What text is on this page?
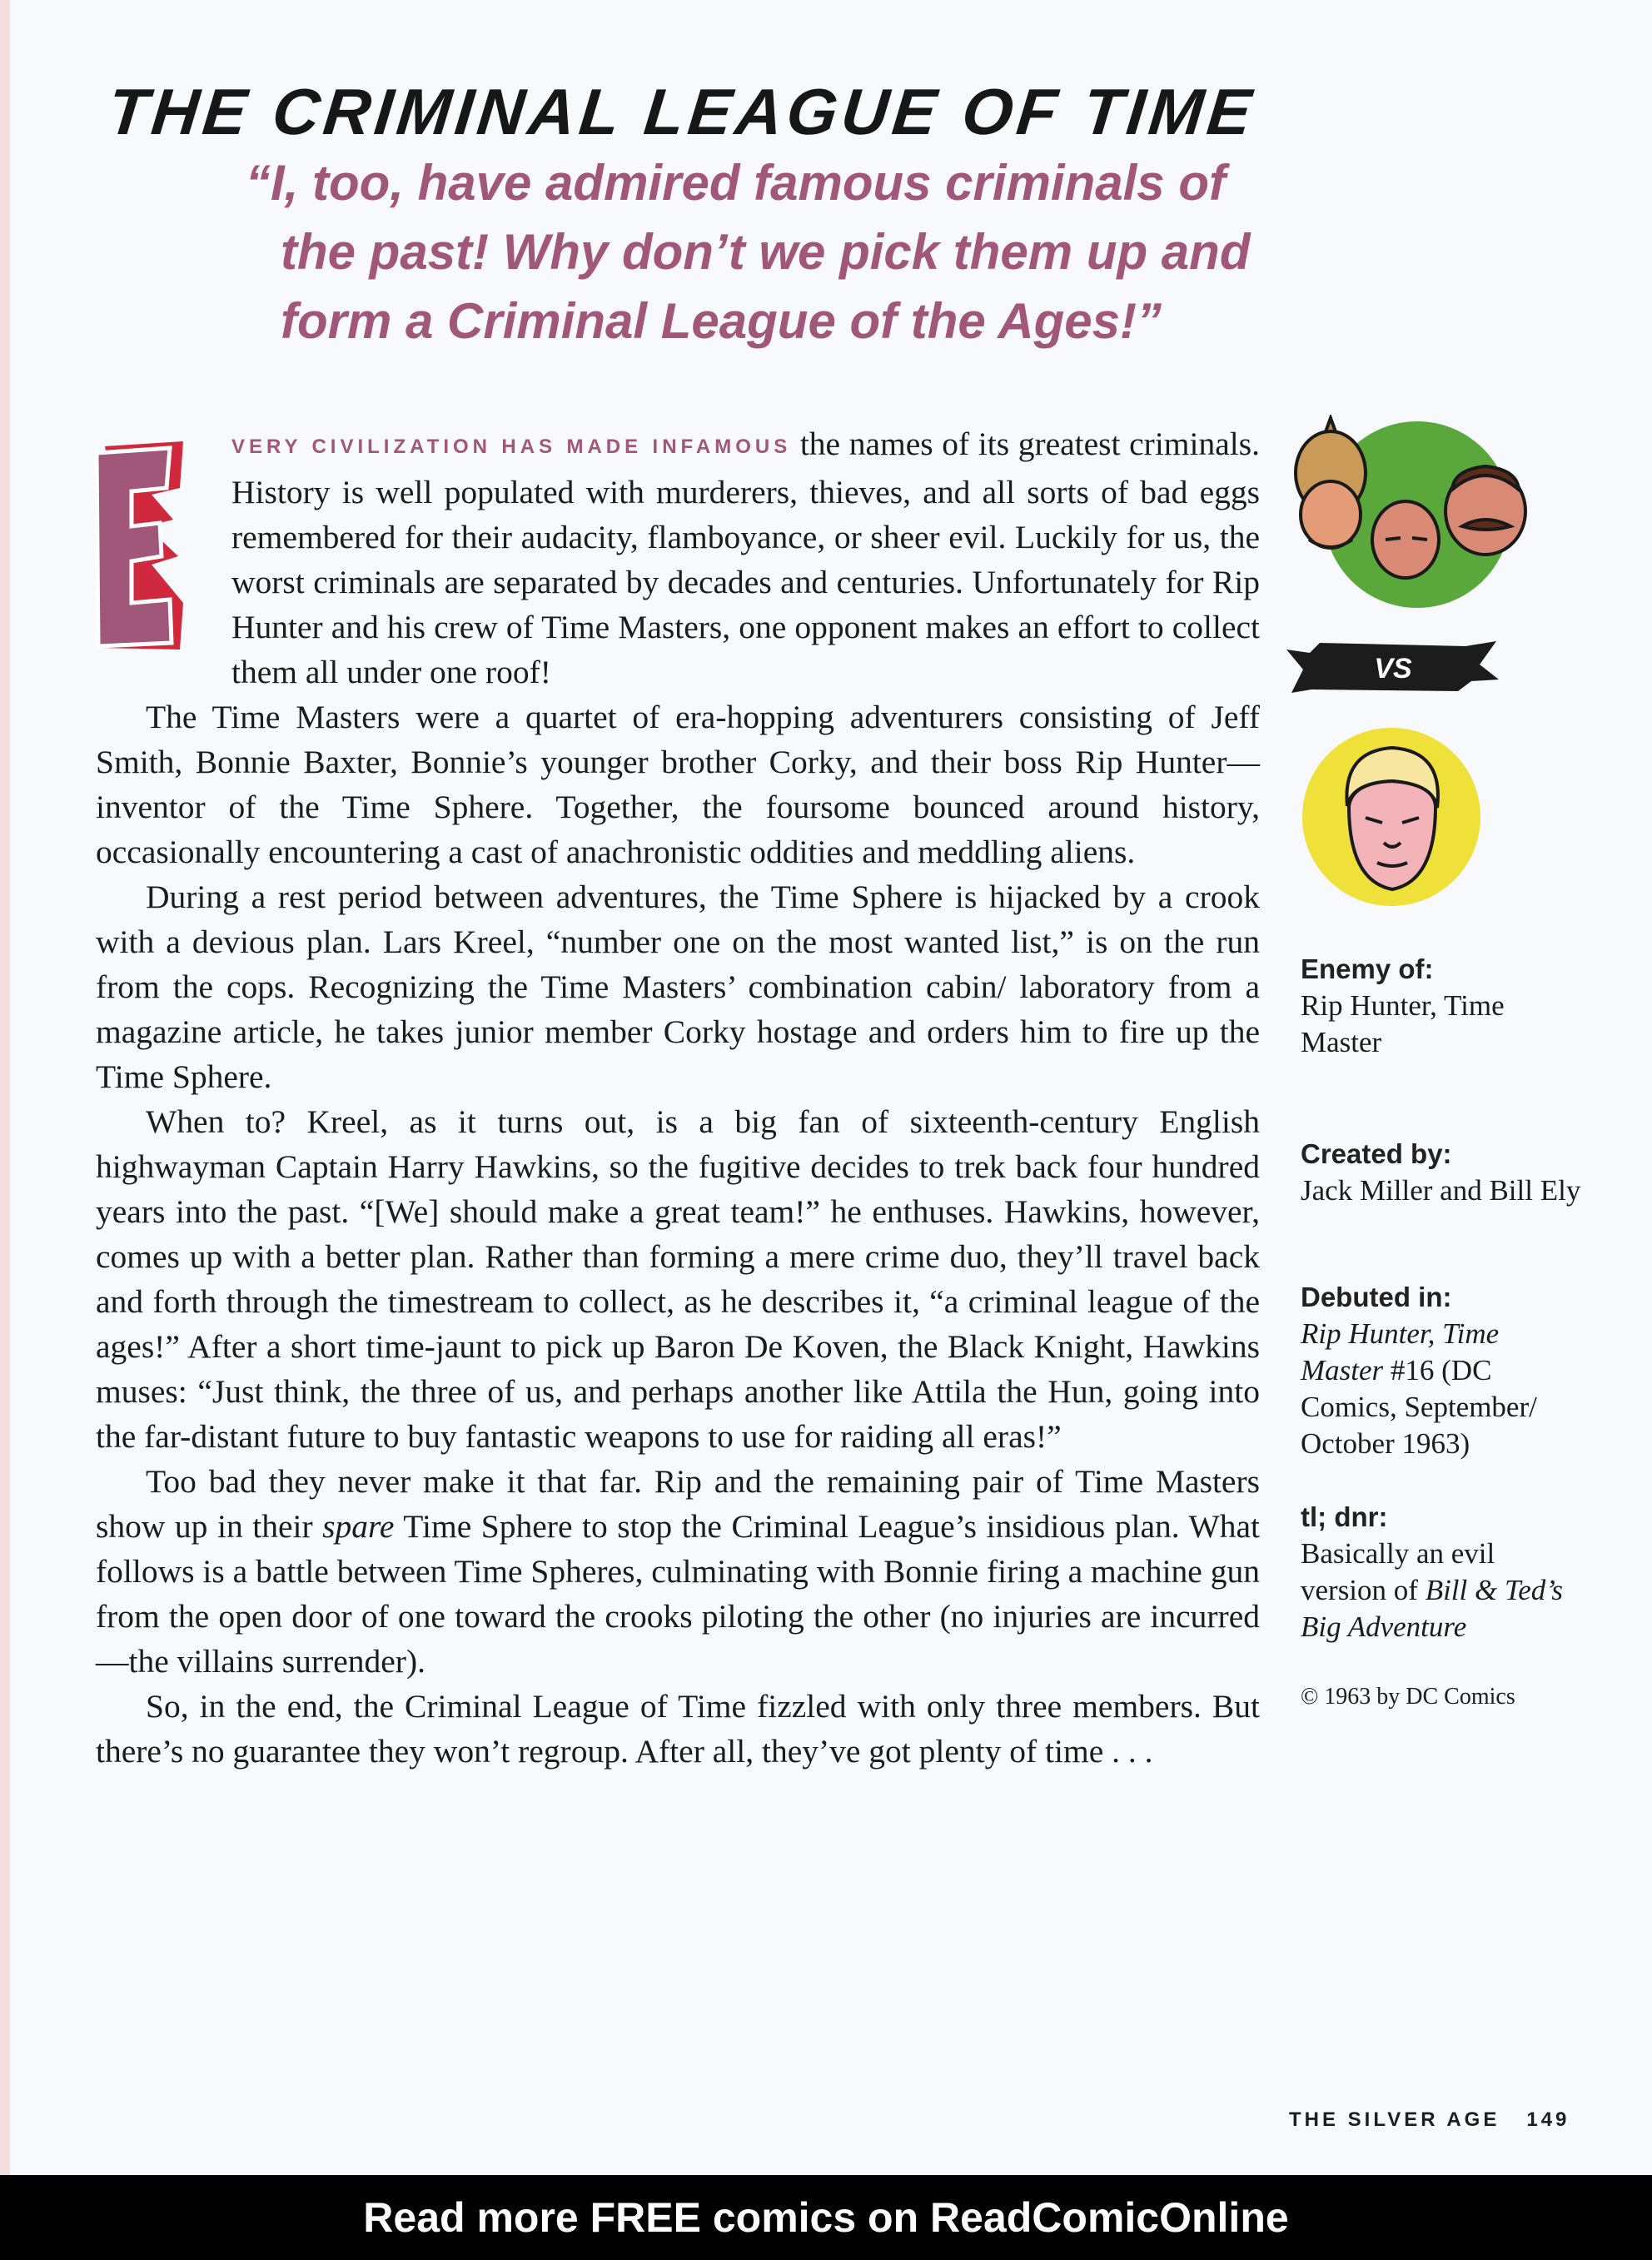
THE CRIMINAL LEAGUE OF TIME
“I, too, have admired famous criminals of
the past! Why don’t we pick them up and
form a Criminal League of the Ages!”
E

VERY CIVILIZATION HAS MADE INFAMOUS the names of its greatest criminals. History is well populated with murderers, thieves, and all sorts of bad eggs remembered for their audacity, flamboyance, or sheer evil. Luckily for us, the worst criminals are separated by decades and centuries. Unfortunately for Rip Hunter and his crew of Time Masters, one opponent makes an effort to collect them all under one roof!

The Time Masters were a quartet of era-hopping adventurers consisting of Jeff Smith, Bonnie Baxter, Bonnie’s younger brother Corky, and their boss Rip Hunter—inventor of the Time Sphere. Together, the foursome bounced around history, occasionally encountering a cast of anachronistic oddities and meddling aliens.

During a rest period between adventures, the Time Sphere is hijacked by a crook with a devious plan. Lars Kreel, “number one on the most wanted list,” is on the run from the cops. Recognizing the Time Masters’ combination cabin/ laboratory from a magazine article, he takes junior member Corky hostage and orders him to fire up the Time Sphere.

When to? Kreel, as it turns out, is a big fan of sixteenth-century English highwayman Captain Harry Hawkins, so the fugitive decides to trek back four hundred years into the past. “[We] should make a great team!” he enthuses. Hawkins, however, comes up with a better plan. Rather than forming a mere crime duo, they’ll travel back and forth through the timestream to collect, as he describes it, “a criminal league of the ages!” After a short time-jaunt to pick up Baron De Koven, the Black Knight, Hawkins muses: “Just think, the three of us, and perhaps another like Attila the Hun, going into the far-distant future to buy fantastic weapons to use for raiding all eras!”

Too bad they never make it that far. Rip and the remaining pair of Time Masters show up in their spare Time Sphere to stop the Criminal League’s insidious plan. What follows is a battle between Time Spheres, culminating with Bonnie firing a machine gun from the open door of one toward the crooks piloting the other (no injuries are incurred—the villains surrender).

So, in the end, the Criminal League of Time fizzled with only three members. But there’s no guarantee they won’t regroup. After all, they’ve got plenty of time . . .

VS
Enemy of:
Rip Hunter, Time Master
Created by:
Jack Miller and Bill Ely
Debuted in:
Rip Hunter, Time Master #16 (DC Comics, September/ October 1963)
tl; dnr:
Basically an evil version of Bill & Ted’s Big Adventure
© 1963 by DC Comics
THE SILVER AGE 149
Read more FREE comics on ReadComicOnline
